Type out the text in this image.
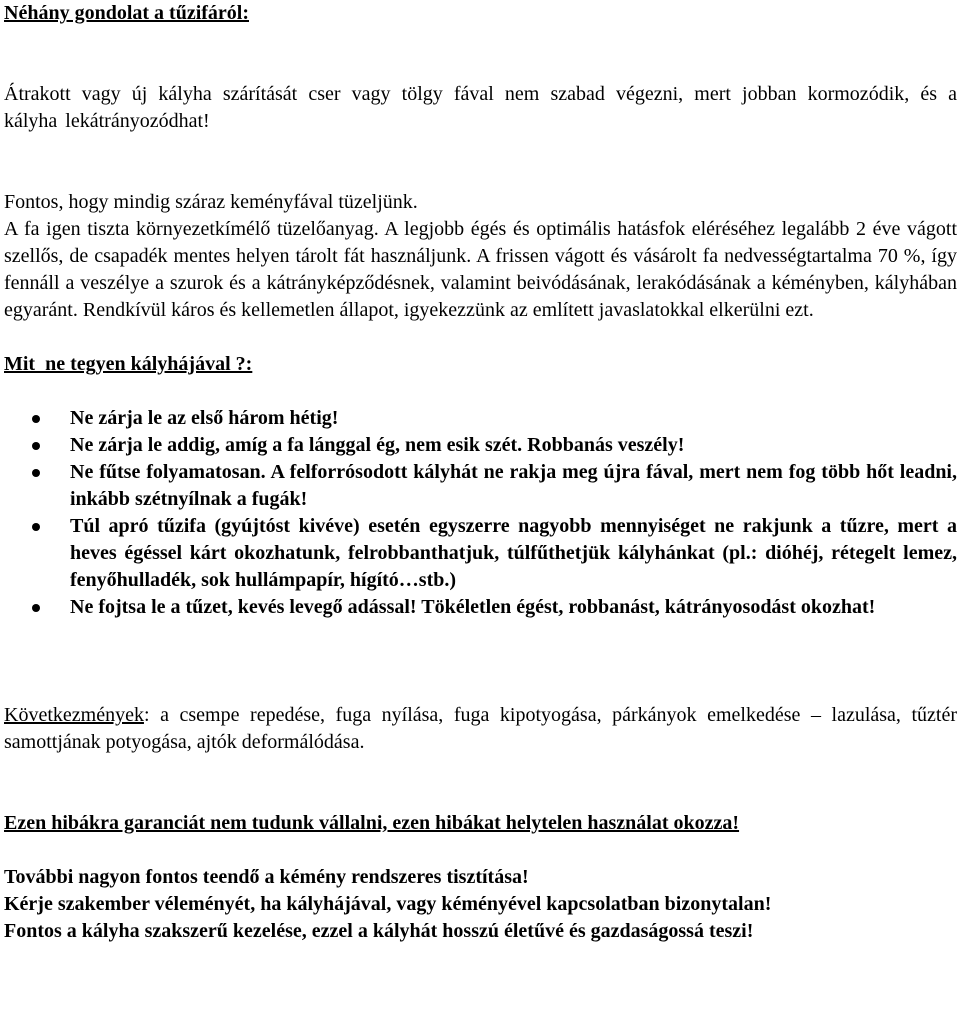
Néhány gondolat a tűzifáról:

Átrakott vagy új kályha szárítását cser vagy tölgy fával nem szabad végezni, mert jobban kormozódik, és a kályha lekátrányozódhat!

Fontos, hogy mindig száraz keményfával tüzeljünk.

A fa igen tiszta környezetkímélő tüzelőanyag. A legjobb égés és optimális hatásfok eléréséhez legalább 2 éve vágott szellős, de csapadék mentes helyen tárolt fát használjunk. A frissen vágott és vásárolt fa nedvességtartalma 70 %, így fennáll a veszélye a szurok és a kátrányképződésnek, valamint beivódásának, lerakódásának a kéményben, kályhában egyaránt. Rendkívül káros és kellemetlen állapot, igyekezzünk az említett javaslatokkal elkerülni ezt.

Mit  ne tegyen kályhájával ?:

Ne zárja le az első három hétig!
Ne zárja le addig, amíg a fa lánggal ég, nem esik szét. Robbanás veszély!
Ne fűtse folyamatosan. A felforrósodott kályhát ne rakja meg újra fával, mert nem fog több hőt leadni, inkább szétnyílnak a fugák!
Túl apró tűzifa (gyújtóst kivéve) esetén egyszerre nagyobb mennyiséget ne rakjunk a tűzre, mert a heves égéssel kárt okozhatunk, felrobbanthatjuk, túlfűthetjük kályhánkat (pl.: dióhéj, rétegelt lemez, fenyőhulladék, sok hullámpapír, hígító…stb.)
Ne fojtsa le a tűzet, kevés levegő adással! Tökéletlen égést, robbanást, kátrányosodást okozhat!

Következmények: a csempe repedése, fuga nyílása, fuga kipotyogása, párkányok emelkedése – lazulása, tűztér samottjának potyogása, ajtók deformálódása.

Ezen hibákra garanciát nem tudunk vállalni, ezen hibákat helytelen használat okozza!

További nagyon fontos teendő a kémény rendszeres tisztítása!

Kérje szakember véleményét, ha kályhájával, vagy kéményével kapcsolatban bizonytalan!

Fontos a kályha szakszerű kezelése, ezzel a kályhát hosszú életűvé és gazdaságossá teszi!
